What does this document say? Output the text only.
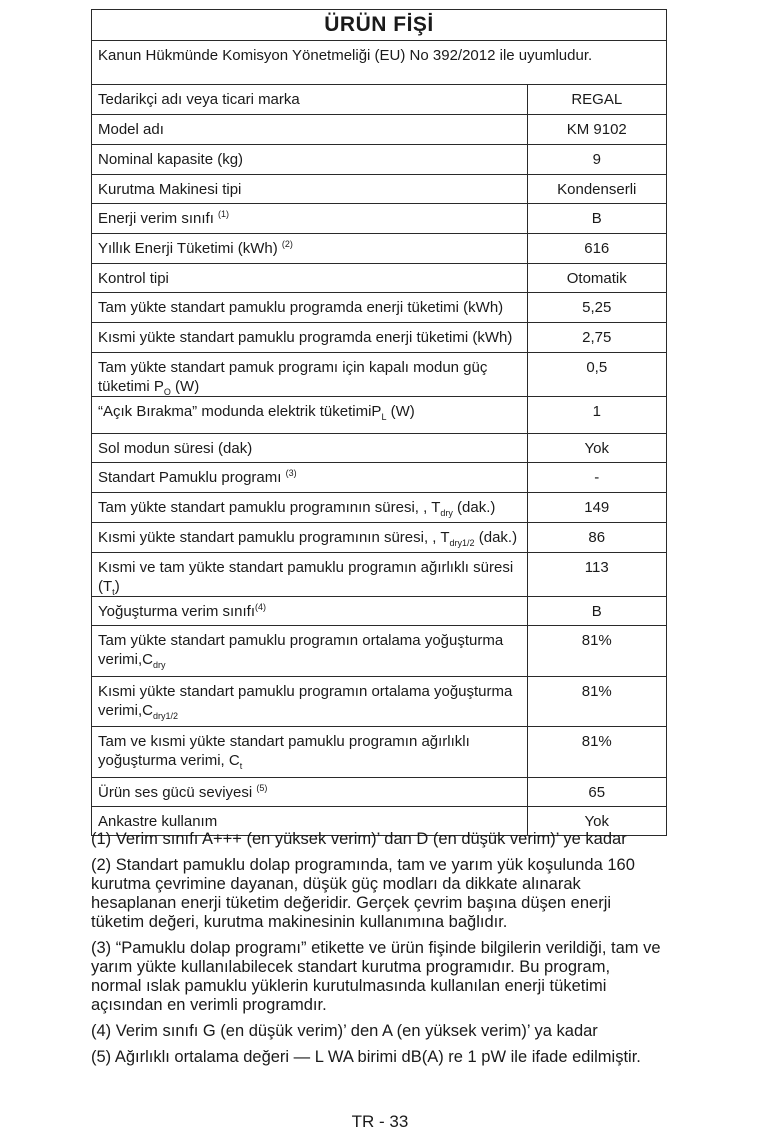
ÜRÜN FİŞİ
Kanun Hükmünde Komisyon Yönetmeliği (EU) No 392/2012 ile uyumludur.
Tedarikçi adı veya ticari marka	REGAL
Model adı	KM 9102
Nominal kapasite (kg)	9
Kurutma Makinesi tipi	Kondenserli
Enerji verim sınıfı $^{(1)}$	B
Yıllık Enerji Tüketimi (kWh) $^{(2)}$	616
Kontrol tipi	Otomatik
Tam yükte standart pamuklu programda enerji tüketimi (kWh)	5,25
Kısmi yükte standart pamuklu programda enerji tüketimi (kWh)	2,75
Tam yükte standart pamuk programı için kapalı modun güç tüketimi $P_O$ (W)	0,5
“Açık Bırakma” modunda elektrik tüketimiP$_L$ (W)	1
Sol modun süresi (dak)	Yok
Standart Pamuklu programı $^{(3)}$	-
Tam yükte standart pamuklu programının süresi, , $T_{dry}$ (dak.)	149
Kısmi yükte standart pamuklu programının süresi, , $T_{dry1/2}$ (dak.)	86
Kısmi ve tam yükte standart pamuklu programın ağırlıklı süresi $(T_t)$	113
Yoğuşturma verim sınıfı$^{(4)}$	B
Tam yükte standart pamuklu programın ortalama yoğuşturma $verimi,C_{dry}$	81%
Kısmi yükte standart pamuklu programın ortalama yoğuşturma $verimi,C_{dry1/2}$	81%
Tam ve kısmi yükte standart pamuklu programın ağırlıklı yoğuşturma verimi, $C_t$	81%
Ürün ses gücü seviyesi $^{(5)}$	65
Ankastre kullanım	Yok

(1) Verim sınıfı A+++ (en yüksek verim)’ dan D (en düşük verim)’ ye kadar

(2) Standart pamuklu dolap programında, tam ve yarım yük koşulunda 160 kurutma çevrimine dayanan, düşük güç modları da dikkate alınarak hesaplanan enerji tüketim değeridir. Gerçek çevrim başına düşen enerji tüketim değeri, kurutma makinesinin kullanımına bağlıdır.

(3) “Pamuklu dolap programı” etikette ve ürün fişinde bilgilerin verildiği, tam ve yarım yükte kullanılabilecek standart kurutma programıdır. Bu program, normal ıslak pamuklu yüklerin kurutulmasında kullanılan enerji tüketimi açısından en verimli programdır.

(4) Verim sınıfı G (en düşük verim)’ den A (en yüksek verim)’ ya kadar

(5) Ağırlıklı ortalama değeri — L WA birimi dB(A) re 1 pW ile ifade edilmiştir.

TR - 33
